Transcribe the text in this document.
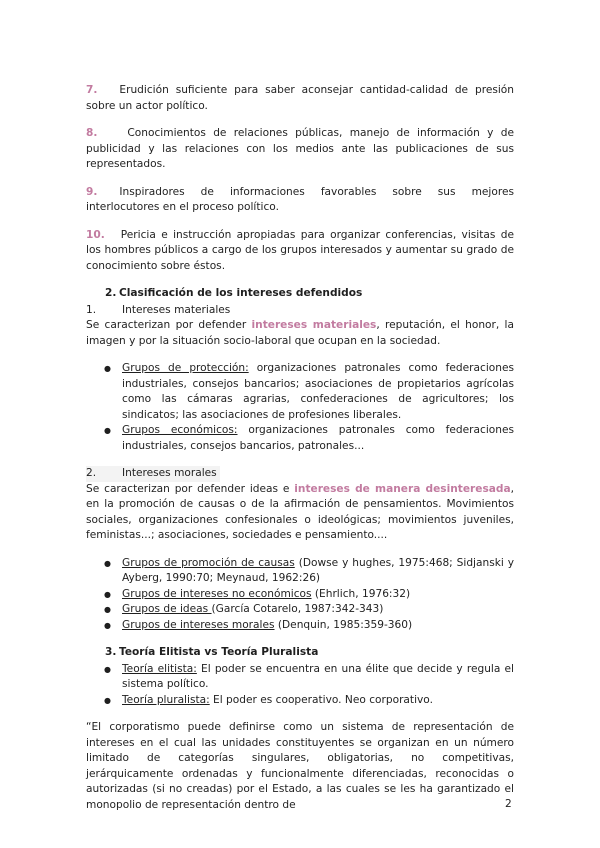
7. Erudición suficiente para saber aconsejar cantidad-calidad de presión sobre un actor político.

8.	Conocimientos de relaciones públicas, manejo de información y de publicidad y las relaciones con los medios ante las publicaciones de sus representados.

9. Inspiradores de informaciones favorables sobre sus mejores interlocutores en el proceso político.

10. Pericia e instrucción apropiadas para organizar conferencias, visitas de los hombres públicos a cargo de los grupos interesados y aumentar su grado de conocimiento sobre éstos.

2. Clasificación de los intereses defendidos
1. Intereses materiales

Se caracterizan por defender intereses materiales, reputación, el honor, la imagen y por la situación socio-laboral que ocupan en la sociedad.

● Grupos de protección: organizaciones patronales como federaciones industriales, consejos bancarios; asociaciones de propietarios agrícolas como las cámaras agrarias, confederaciones de agricultores; los sindicatos; las asociaciones de profesiones liberales.
● Grupos económicos: organizaciones patronales como federaciones industriales, consejos bancarios, patronales...
2. Intereses morales

Se caracterizan por defender ideas e intereses de manera desinteresada, en la promoción de causas o de la afirmación de pensamientos. Movimientos sociales, organizaciones confesionales o ideológicas; movimientos juveniles, feministas...; asociaciones, sociedades e pensamiento....

● Grupos de promoción de causas (Dowse y hughes, 1975:468; Sidjanski y Ayberg, 1990:70; Meynaud, 1962:26)
● Grupos de intereses no económicos (Ehrlich, 1976:32)
● Grupos de ideas (García Cotarelo, 1987:342-343)
● Grupos de intereses morales (Denquin, 1985:359-360)
3. Teoría Elitista vs Teoría Pluralista
● Teoría elitista: El poder se encuentra en una élite que decide y regula el sistema político.
● Teoría pluralista: El poder es cooperativo. Neo corporativo.

“El corporatismo puede definirse como un sistema de representación de intereses en el cual las unidades constituyentes se organizan en un número limitado de categorías singulares, obligatorias, no competitivas, jerárquicamente ordenadas y funcionalmente diferenciadas, reconocidas o autorizadas (si no creadas) por el Estado, a las cuales se les ha garantizado el monopolio de representación dentro de	2
